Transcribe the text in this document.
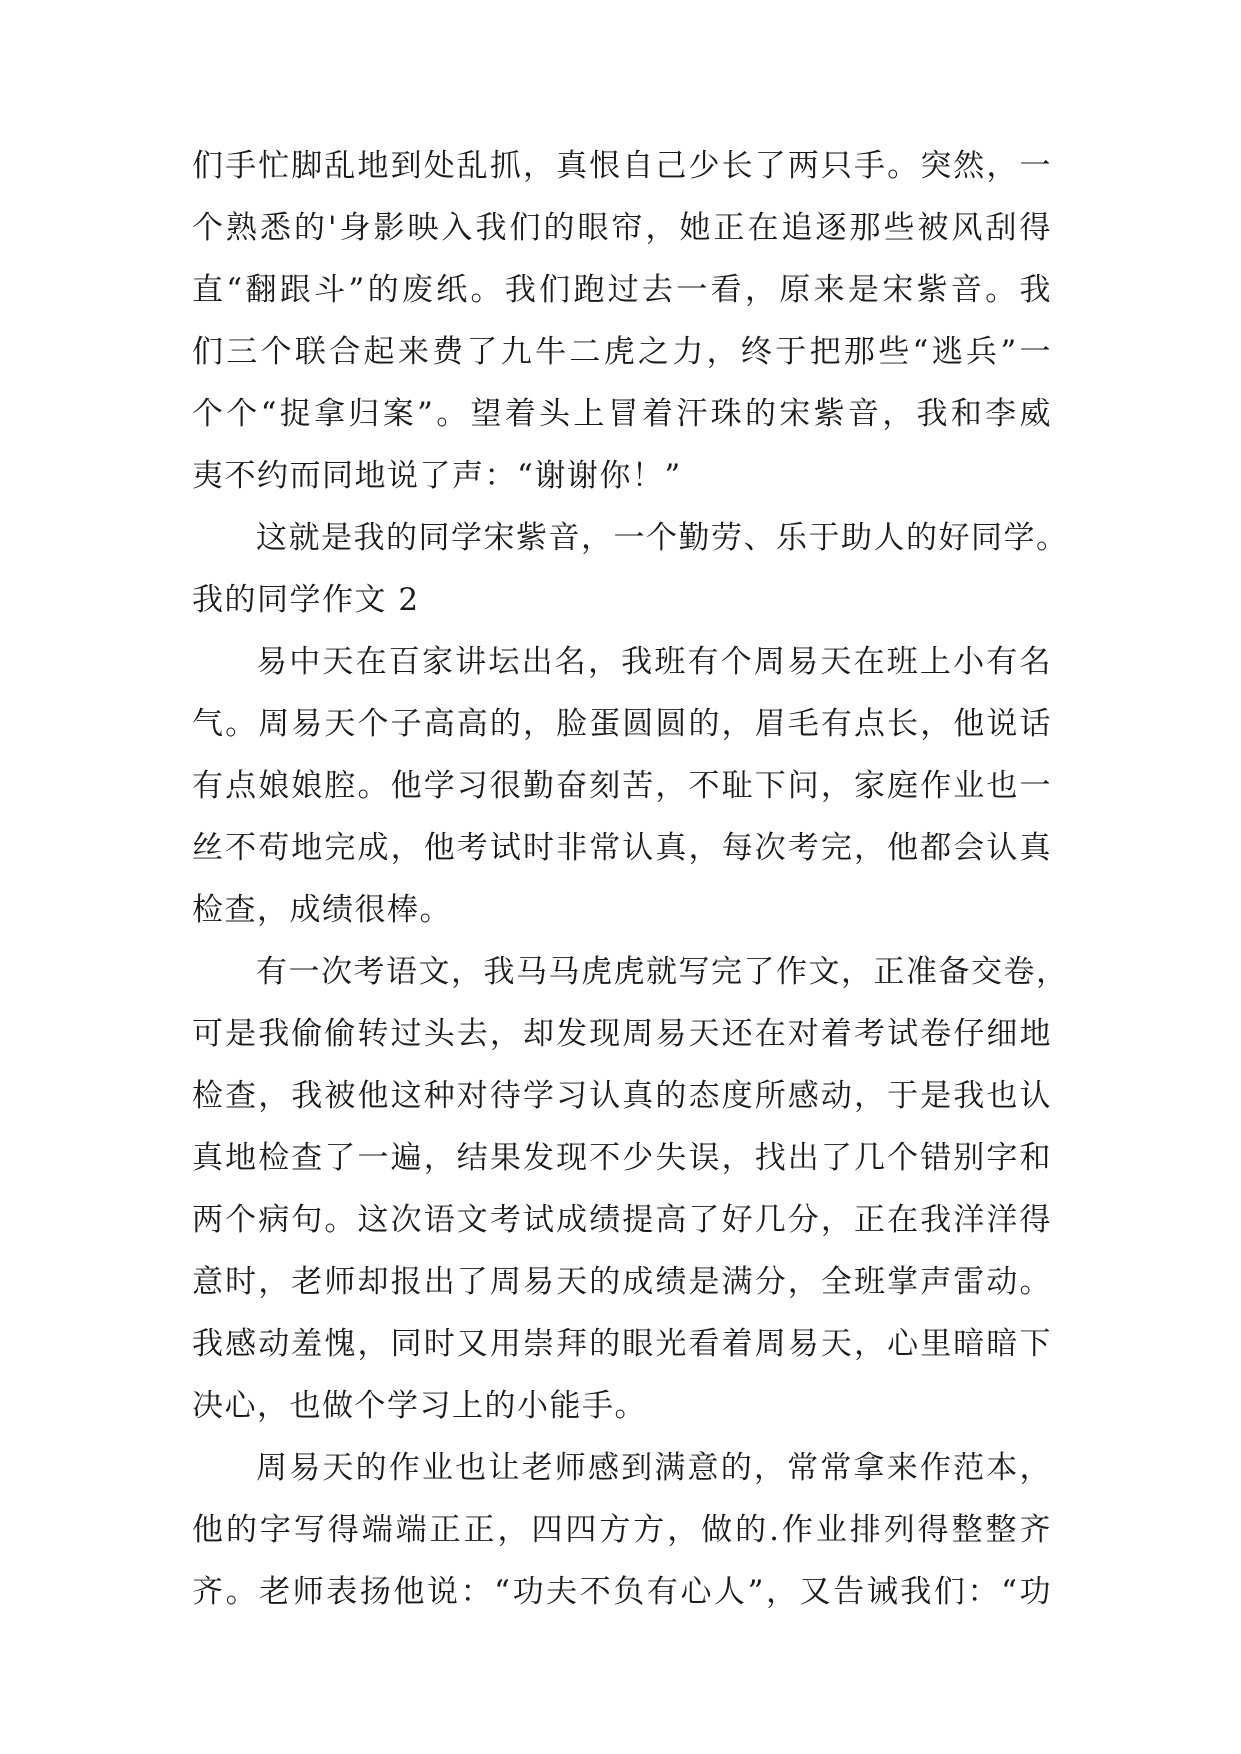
们手忙脚乱地到处乱抓，真恨自己少长了两只手。突然，一
个熟悉的'身影映入我们的眼帘，她正在追逐那些被风刮得
直“翻跟斗”的废纸。我们跑过去一看，原来是宋紫音。我
们三个联合起来费了九牛二虎之力，终于把那些“逃兵”一
个个“捉拿归案”。望着头上冒着汗珠的宋紫音，我和李威
夷不约而同地说了声：“谢谢你！”
这就是我的同学宋紫音，一个勤劳、乐于助人的好同学。
我的同学作文 2
易中天在百家讲坛出名，我班有个周易天在班上小有名
气。周易天个子高高的，脸蛋圆圆的，眉毛有点长，他说话
有点娘娘腔。他学习很勤奋刻苦，不耻下问，家庭作业也一
丝不苟地完成，他考试时非常认真，每次考完，他都会认真
检查，成绩很棒。
有一次考语文，我马马虎虎就写完了作文，正准备交卷，
可是我偷偷转过头去，却发现周易天还在对着考试卷仔细地
检查，我被他这种对待学习认真的态度所感动，于是我也认
真地检查了一遍，结果发现不少失误，找出了几个错别字和
两个病句。这次语文考试成绩提高了好几分，正在我洋洋得
意时，老师却报出了周易天的成绩是满分，全班掌声雷动。
我感动羞愧，同时又用崇拜的眼光看着周易天，心里暗暗下
决心，也做个学习上的小能手。
周易天的作业也让老师感到满意的，常常拿来作范本，
他的字写得端端正正，四四方方，做的.作业排列得整整齐
齐。老师表扬他说：“功夫不负有心人”，又告诫我们：“功
